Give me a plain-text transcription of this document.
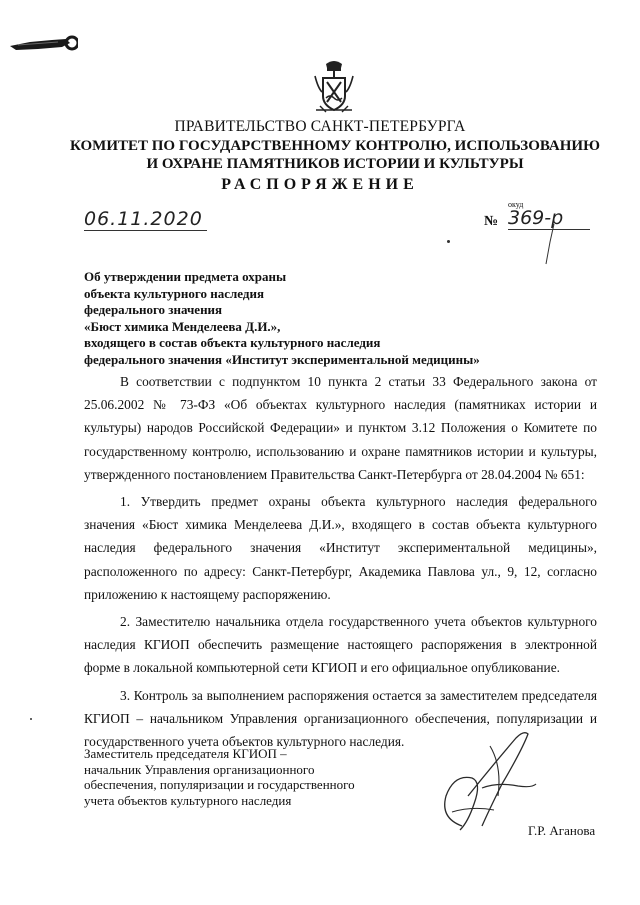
ПРАВИТЕЛЬСТВО САНКТ-ПЕТЕРБУРГА
КОМИТЕТ ПО ГОСУДАРСТВЕННОМУ КОНТРОЛЮ, ИСПОЛЬЗОВАНИЮ
И ОХРАНЕ ПАМЯТНИКОВ ИСТОРИИ И КУЛЬТУРЫ
РАСПОРЯЖЕНИЕ
06.11.2020
окуд
№ 369-р
Об утверждении предмета охраны
объекта культурного наследия
федерального значения
«Бюст химика Менделеева Д.И.»,
входящего в состав объекта культурного наследия
федерального значения «Институт экспериментальной медицины»

В соответствии с подпунктом 10 пункта 2 статьи 33 Федерального закона от 25.06.2002 № 73-ФЗ «Об объектах культурного наследия (памятниках истории и культуры) народов Российской Федерации» и пунктом 3.12 Положения о Комитете по государственному контролю, использованию и охране памятников истории и культуры, утвержденного постановлением Правительства Санкт-Петербурга от 28.04.2004 № 651:

1. Утвердить предмет охраны объекта культурного наследия федерального значения «Бюст химика Менделеева Д.И.», входящего в состав объекта культурного наследия федерального значения «Институт экспериментальной медицины», расположенного по адресу: Санкт-Петербург, Академика Павлова ул., 9, 12, согласно приложению к настоящему распоряжению.

2. Заместителю начальника отдела государственного учета объектов культурного наследия КГИОП обеспечить размещение настоящего распоряжения в электронной форме в локальной компьютерной сети КГИОП и его официальное опубликование.

3. Контроль за выполнением распоряжения остается за заместителем председателя КГИОП – начальником Управления организационного обеспечения, популяризации и государственного учета объектов культурного наследия.

Заместитель председателя КГИОП –
начальник Управления организационного
обеспечения, популяризации и государственного
учета объектов культурного наследия
Г.Р. Аганова
